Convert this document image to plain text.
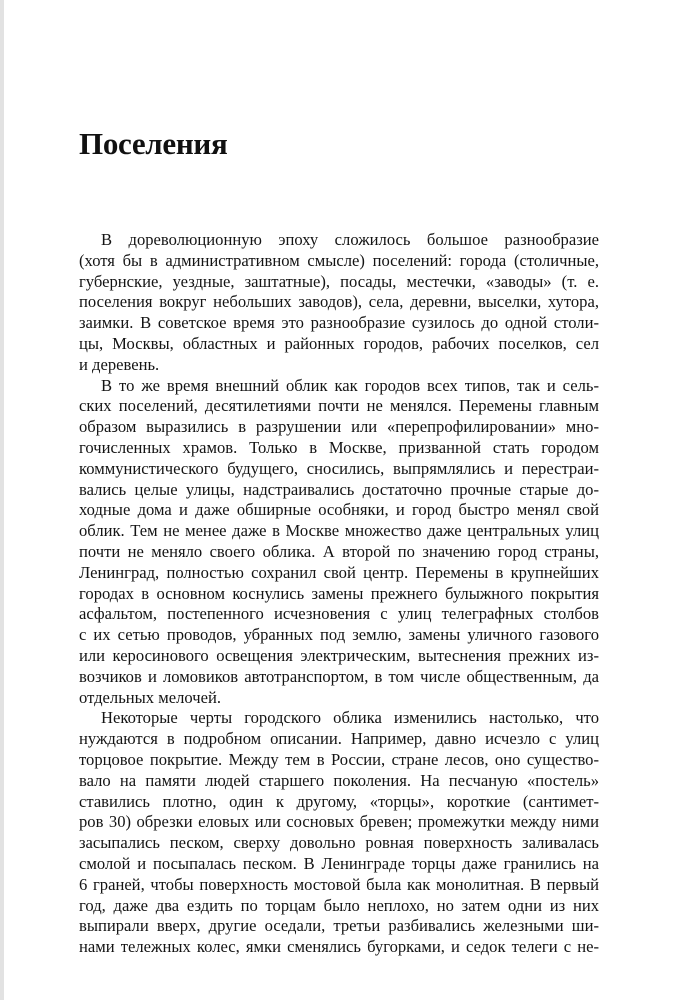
Поселения
В дореволюционную эпоху сложилось большое разнообразие
(хотя бы в административном смысле) поселений: города (столичные,
губернские, уездные, заштатные), посады, местечки, «заводы» (т. е.
поселения вокруг небольших заводов), села, деревни, выселки, хутора,
заимки. В советское время это разнообразие сузилось до одной столи-
цы, Москвы, областных и районных городов, рабочих поселков, сел
и деревень.
В то же время внешний облик как городов всех типов, так и сель-
ских поселений, десятилетиями почти не менялся. Перемены главным
образом выразились в разрушении или «перепрофилировании» мно-
гочисленных храмов. Только в Москве, призванной стать городом
коммунистического будущего, сносились, выпрямлялись и перестраи-
вались целые улицы, надстраивались достаточно прочные старые до-
ходные дома и даже обширные особняки, и город быстро менял свой
облик. Тем не менее даже в Москве множество даже центральных улиц
почти не меняло своего облика. А второй по значению город страны,
Ленинград, полностью сохранил свой центр. Перемены в крупнейших
городах в основном коснулись замены прежнего булыжного покрытия
асфальтом, постепенного исчезновения с улиц телеграфных столбов
с их сетью проводов, убранных под землю, замены уличного газового
или керосинового освещения электрическим, вытеснения прежних из-
возчиков и ломовиков автотранспортом, в том числе общественным, да
отдельных мелочей.
Некоторые черты городского облика изменились настолько, что
нуждаются в подробном описании. Например, давно исчезло с улиц
торцовое покрытие. Между тем в России, стране лесов, оно существо-
вало на памяти людей старшего поколения. На песчаную «постель»
ставились плотно, один к другому, «торцы», короткие (сантимет-
ров 30) обрезки еловых или сосновых бревен; промежутки между ними
засыпались песком, сверху довольно ровная поверхность заливалась
смолой и посыпалась песком. В Ленинграде торцы даже гранились на
6 граней, чтобы поверхность мостовой была как монолитная. В первый
год, даже два ездить по торцам было неплохо, но затем одни из них
выпирали вверх, другие оседали, третьи разбивались железными ши-
нами тележных колес, ямки сменялись бугорками, и седок телеги с не-
